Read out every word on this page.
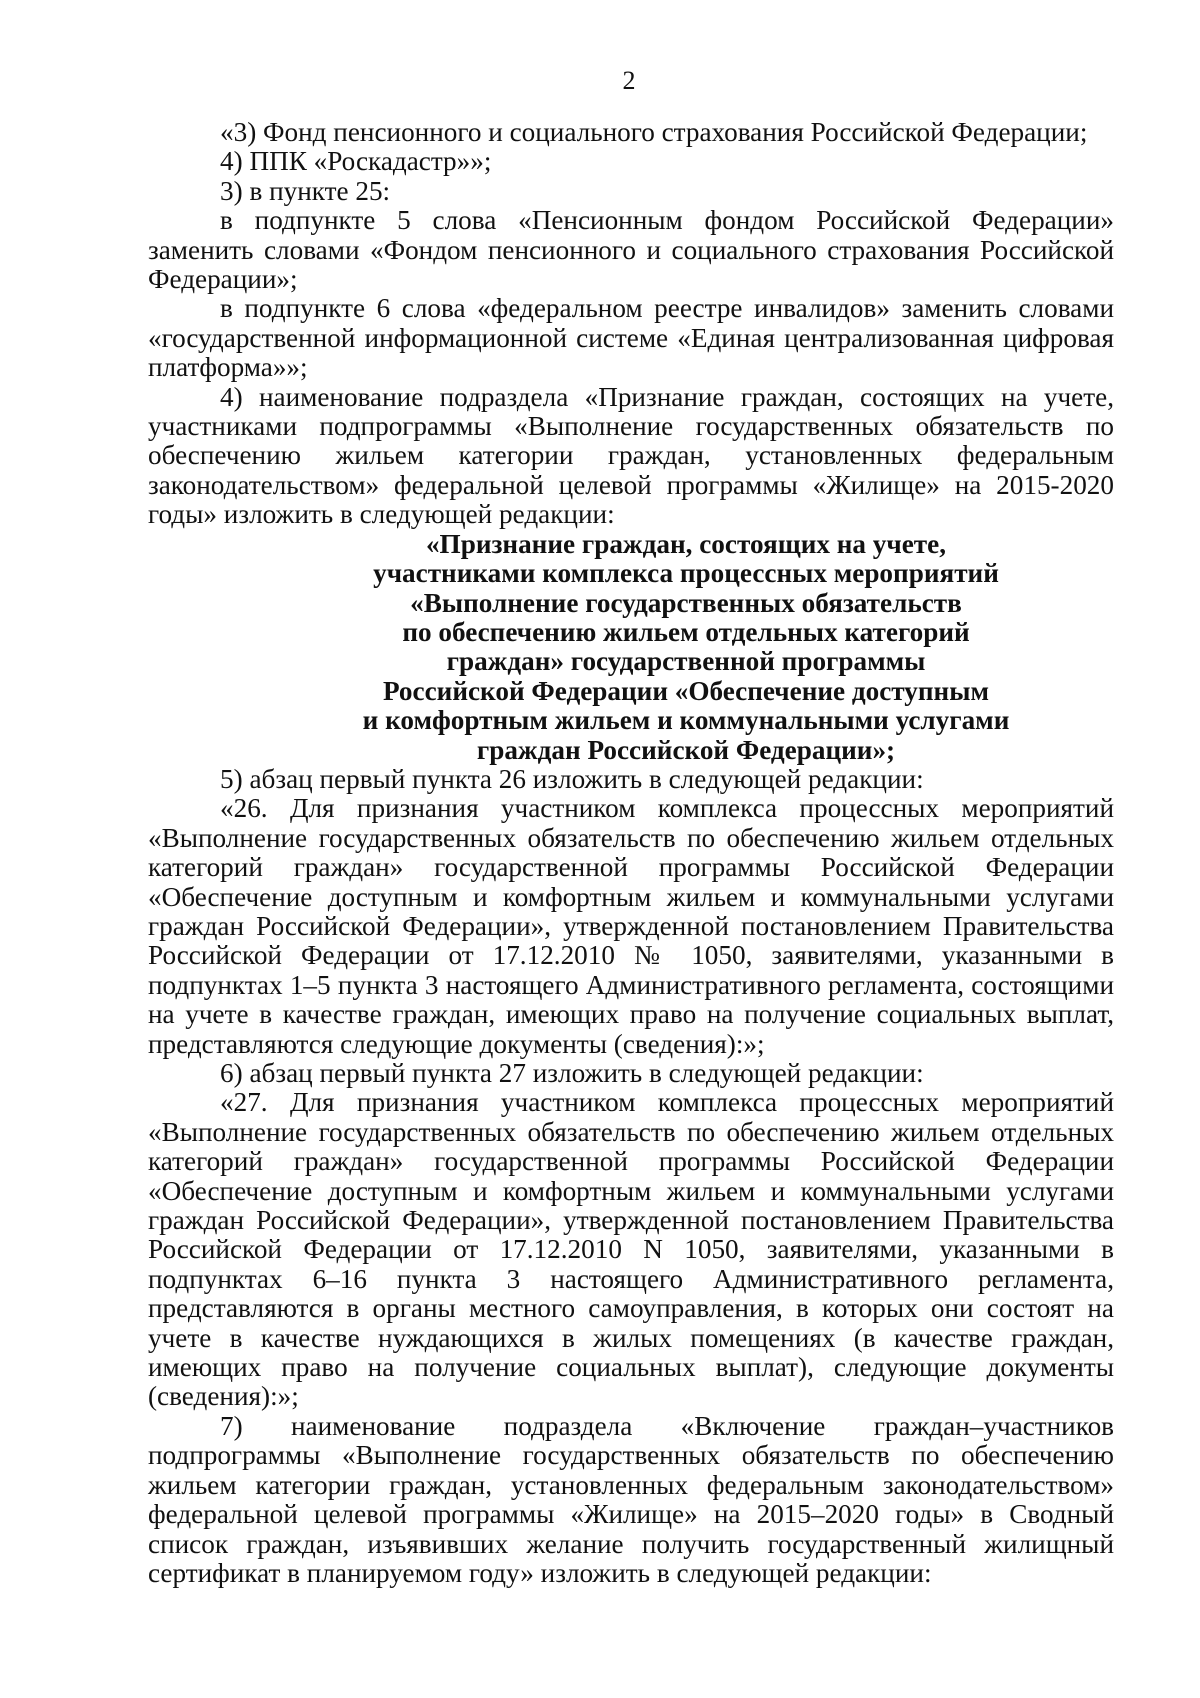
2

«3) Фонд пенсионного и социального страхования Российской Федерации;

4) ППК «Роскадастр»»;

3) в пункте 25:

в подпункте 5 слова «Пенсионным фондом Российской Федерации» заменить словами «Фондом пенсионного и социального страхования Российской Федерации»;

в подпункте 6 слова «федеральном реестре инвалидов» заменить словами «государственной информационной системе «Единая централизованная цифровая платформа»»;

4) наименование подраздела «Признание граждан, состоящих на учете, участниками подпрограммы «Выполнение государственных обязательств по обеспечению жильем категории граждан, установленных федеральным законодательством» федеральной целевой программы «Жилище» на 2015-2020 годы» изложить в следующей редакции:

«Признание граждан, состоящих на учете,
участниками комплекса процессных мероприятий
«Выполнение государственных обязательств
по обеспечению жильем отдельных категорий
граждан» государственной программы
Российской Федерации «Обеспечение доступным
и комфортным жильем и коммунальными услугами
граждан Российской Федерации»;

5) абзац первый пункта 26 изложить в следующей редакции:

«26. Для признания участником комплекса процессных мероприятий «Выполнение государственных обязательств по обеспечению жильем отдельных категорий граждан» государственной программы Российской Федерации «Обеспечение доступным и комфортным жильем и коммунальными услугами граждан Российской Федерации», утвержденной постановлением Правительства Российской Федерации от 17.12.2010 № 1050, заявителями, указанными в подпунктах 1–5 пункта 3 настоящего Административного регламента, состоящими на учете в качестве граждан, имеющих право на получение социальных выплат, представляются следующие документы (сведения):»;

6) абзац первый пункта 27 изложить в следующей редакции:

«27. Для признания участником комплекса процессных мероприятий «Выполнение государственных обязательств по обеспечению жильем отдельных категорий граждан» государственной программы Российской Федерации «Обеспечение доступным и комфортным жильем и коммунальными услугами граждан Российской Федерации», утвержденной постановлением Правительства Российской Федерации от 17.12.2010 N 1050, заявителями, указанными в подпунктах 6–16 пункта 3 настоящего Административного регламента, представляются в органы местного самоуправления, в которых они состоят на учете в качестве нуждающихся в жилых помещениях (в качестве граждан, имеющих право на получение социальных выплат), следующие документы (сведения):»;

7) наименование подраздела «Включение граждан–участников подпрограммы «Выполнение государственных обязательств по обеспечению жильем категории граждан, установленных федеральным законодательством» федеральной целевой программы «Жилище» на 2015–2020 годы» в Сводный список граждан, изъявивших желание получить государственный жилищный сертификат в планируемом году» изложить в следующей редакции:
